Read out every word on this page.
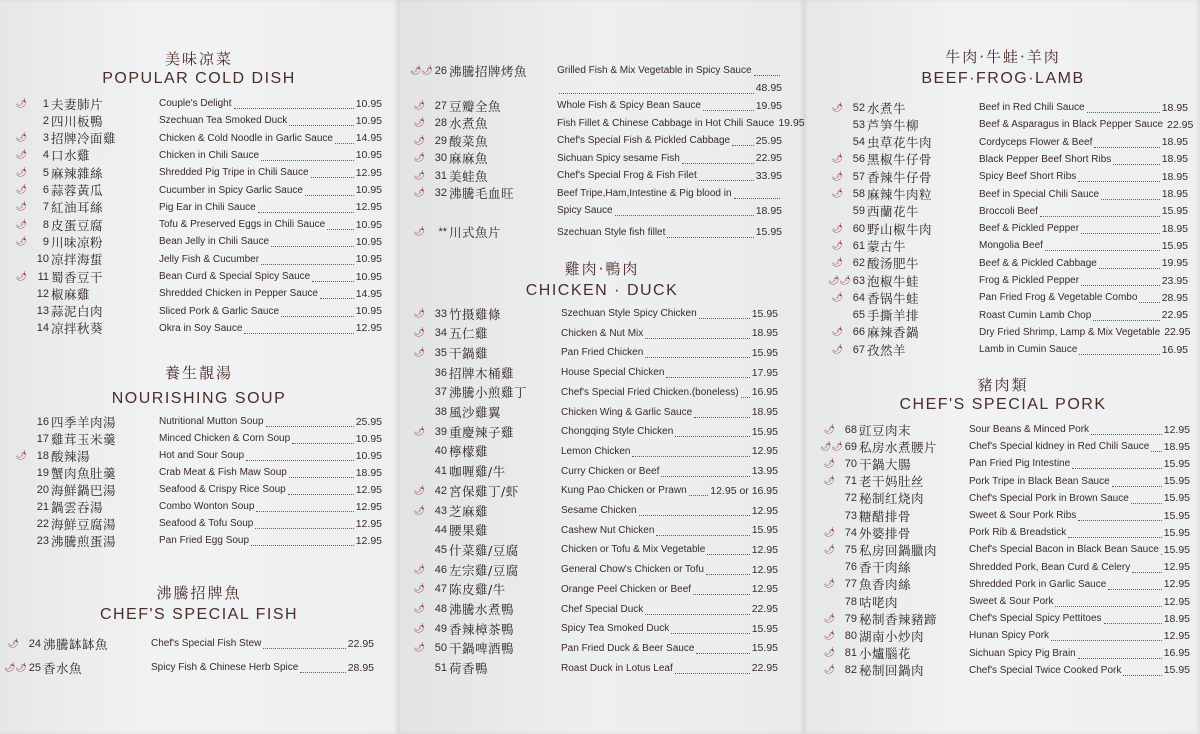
美味凉菜
POPULAR COLD DISH
🌶	1 夫妻肺片	Couple's Delight	10.95
2 四川板鴨	Szechuan Tea Smoked Duck	10.95
🌶	3 招牌冷面雞	Chicken & Cold Noodle in Garlic Sauce 14.95
🌶	4 口水雞	Chicken in Chili Sauce	10.95
🌶	5 麻辣雜絲	Shredded Pig Tripe in Chili Sauce	12.95
🌶	6 蒜蓉黃瓜	Cucumber in Spicy Garlic Sauce	10.95
🌶	7 紅油耳絲	Pig Ear in Chili Sauce	12.95
🌶	8 皮蛋豆腐	Tofu & Preserved Eggs in Chili Sauce	10.95
🌶	9 川味凉粉	Bean Jelly in Chili Sauce	10.95
10 凉拌海蜇	Jelly Fish & Cucumber	10.95
🌶 11 蜀香豆干	Bean Curd & Special Spicy Sauce	10.95
12 椒麻雞	Shredded Chicken in Pepper Sauce	14.95
13 蒜泥白肉	Sliced Pork & Garlic Sauce	10.95
14 凉拌秋葵	Okra in Soy Sauce	12.95
養生靚湯
NOURISHING SOUP
16 四季羊肉湯	Nutritional Mutton Soup	25.95
17 雞茸玉米羹	Minced Chicken & Corn Soup	10.95
🌶 18 酸辣湯	Hot and Sour Soup	10.95
19 蟹肉魚肚羹	Crab Meat & Fish Maw Soup	18.95
20 海鮮鍋巴湯	Seafood & Crispy Rice Soup	12.95
21 鍋雲吞湯	Combo Wonton Soup	12.95
22 海鮮豆腐湯	Seafood & Tofu Soup	12.95
23 沸騰煎蛋湯	Pan Fried Egg Soup	12.95
沸騰招牌魚
CHEF'S SPECIAL FISH
🌶 24 沸騰缽缽魚	Chef's Special Fish Stew	22.95
🌶🌶 25 香水魚	Spicy Fish & Chinese Herb Spice	28.95
🌶🌶 26 沸騰招牌烤魚	Grilled Fish & Mix Vegetable in Spicy Sauce
48.95
🌶 27 豆瓣全魚	Whole Fish & Spicy Bean Sauce	19.95
🌶 28 水煮魚	Fish Fillet & Chinese Cabbage in Hot Chili Sauce 19.95
🌶 29 酸菜魚	Chef's Special Fish & Pickled Cabbage 25.95
🌶 30 麻麻魚	Sichuan Spicy sesame Fish	22.95
🌶 31 美蛙魚	Chef's Special Frog & Fish Filet	33.95
🌶 32 沸騰毛血旺	Beef Tripe,Ham,Intestine & Pig blood in
Spicy Sauce	18.95
🌶	** 川式魚片	Szechuan Style fish fillet	15.95
雞肉·鴨肉
CHICKEN · DUCK
🌶 33 竹摄雞條	Szechuan Style Spicy Chicken	15.95
🌶 34 五仁雞	Chicken & Nut Mix	18.95
🌶 35 干鍋雞	Pan Fried Chicken	15.95
36 招牌木桶雞	House Special Chicken	17.95
37 沸騰小煎雞丁	Chef's Special Fried Chicken.(boneless) 16.95
38 風沙雞翼	Chicken Wing & Garlic Sauce	18.95
🌶 39 重慶辣子雞	Chongqing Style Chicken	15.95
40 檸檬雞	Lemon Chicken	12.95
41 咖喱雞/牛	Curry Chicken or Beef	13.95
🌶 42 宮保雞丁/虾	Kung Pao Chicken or Prawn 12.95 or 16.95
🌶 43 芝麻雞	Sesame Chicken	12.95
44 腰果雞	Cashew Nut Chicken	15.95
45 什菜雞/豆腐	Chicken or Tofu & Mix Vegetable	12.95
🌶 46 左宗雞/豆腐	General Chow's Chicken or Tofu	12.95
🌶 47 陈皮雞/牛	Orange Peel Chicken or Beef	12.95
🌶 48 沸騰水煮鴨	Chef Special Duck	22.95
🌶 49 香辣樟茶鴨	Spicy Tea Smoked Duck	15.95
🌶 50 干鍋啤酒鴨	Pan Fried Duck & Beer Sauce	15.95
51 荷香鴨	Roast Duck in Lotus Leaf	22.95
牛肉·牛蛙·羊肉
BEEF·FROG·LAMB
🌶 52 水煮牛	Beef in Red Chili Sauce	18.95
53 芦笋牛柳	Beef & Asparagus in Black Pepper Sauce 22.95
54 虫草花牛肉	Cordyceps Flower & Beef	18.95
🌶 56 黑椒牛仔骨	Black Pepper Beef Short Ribs	18.95
🌶 57 香辣牛仔骨	Spicy Beef Short Ribs	18.95
🌶 58 麻辣牛肉粒	Beef in Special Chili Sauce	18.95
59 西蘭花牛	Broccoli Beef	15.95
🌶 60 野山椒牛肉	Beef & Pickled Pepper	18.95
🌶 61 蒙古牛	Mongolia Beef	15.95
🌶 62 酸汤肥牛	Beef & & Pickled Cabbage	19.95
🌶🌶 63 泡椒牛蛙	Frog & Pickled Pepper	23.95
🌶 64 香锅牛蛙	Pan Fried Frog & Vegetable Combo 28.95
65 手撕羊排	Roast Cumin Lamb Chop	22.95
🌶 66 麻辣香鍋	Dry Fried Shrimp, Lamp & Mix Vegetable 22.95
🌶 67 孜然羊	Lamb in Cumin Sauce	16.95
豬肉類
CHEF'S SPECIAL PORK
🌶 68 豇豆肉末	Sour Beans & Minced Pork	12.95
🌶🌶 69 私房水煮腰片	Chef's Special kidney in Red Chili Sauce 18.95
🌶 70 干鍋大腸	Pan Fried Pig Intestine	15.95
🌶 71 老干妈肚丝	Pork Tripe in Black Bean Sauce	15.95
72 秘制红烧肉	Chef's Special Pork in Brown Sauce	15.95
73 糖醋排骨	Sweet & Sour Pork Ribs	15.95
🌶 74 外婆排骨	Pork Rib & Breadstick	15.95
🌶 75 私房回鍋臘肉	Chef's Special Bacon in Black Bean Sauce 15.95
76 香干肉絲	Shredded Pork, Bean Curd & Celery	12.95
🌶 77 魚香肉絲	Shredded Pork in Garlic Sauce	12.95
78 咕咾肉	Sweet & Sour Pork	12.95
🌶 79 秘制香辣豬蹄	Chef's Special Spicy Pettitoes	18.95
🌶 80 湖南小炒肉	Hunan Spicy Pork	12.95
🌶 81 小爐腦花	Sichuan Spicy Pig Brain	16.95
🌶 82 秘制回鍋肉	Chef's Special Twice Cooked Pork	15.95
